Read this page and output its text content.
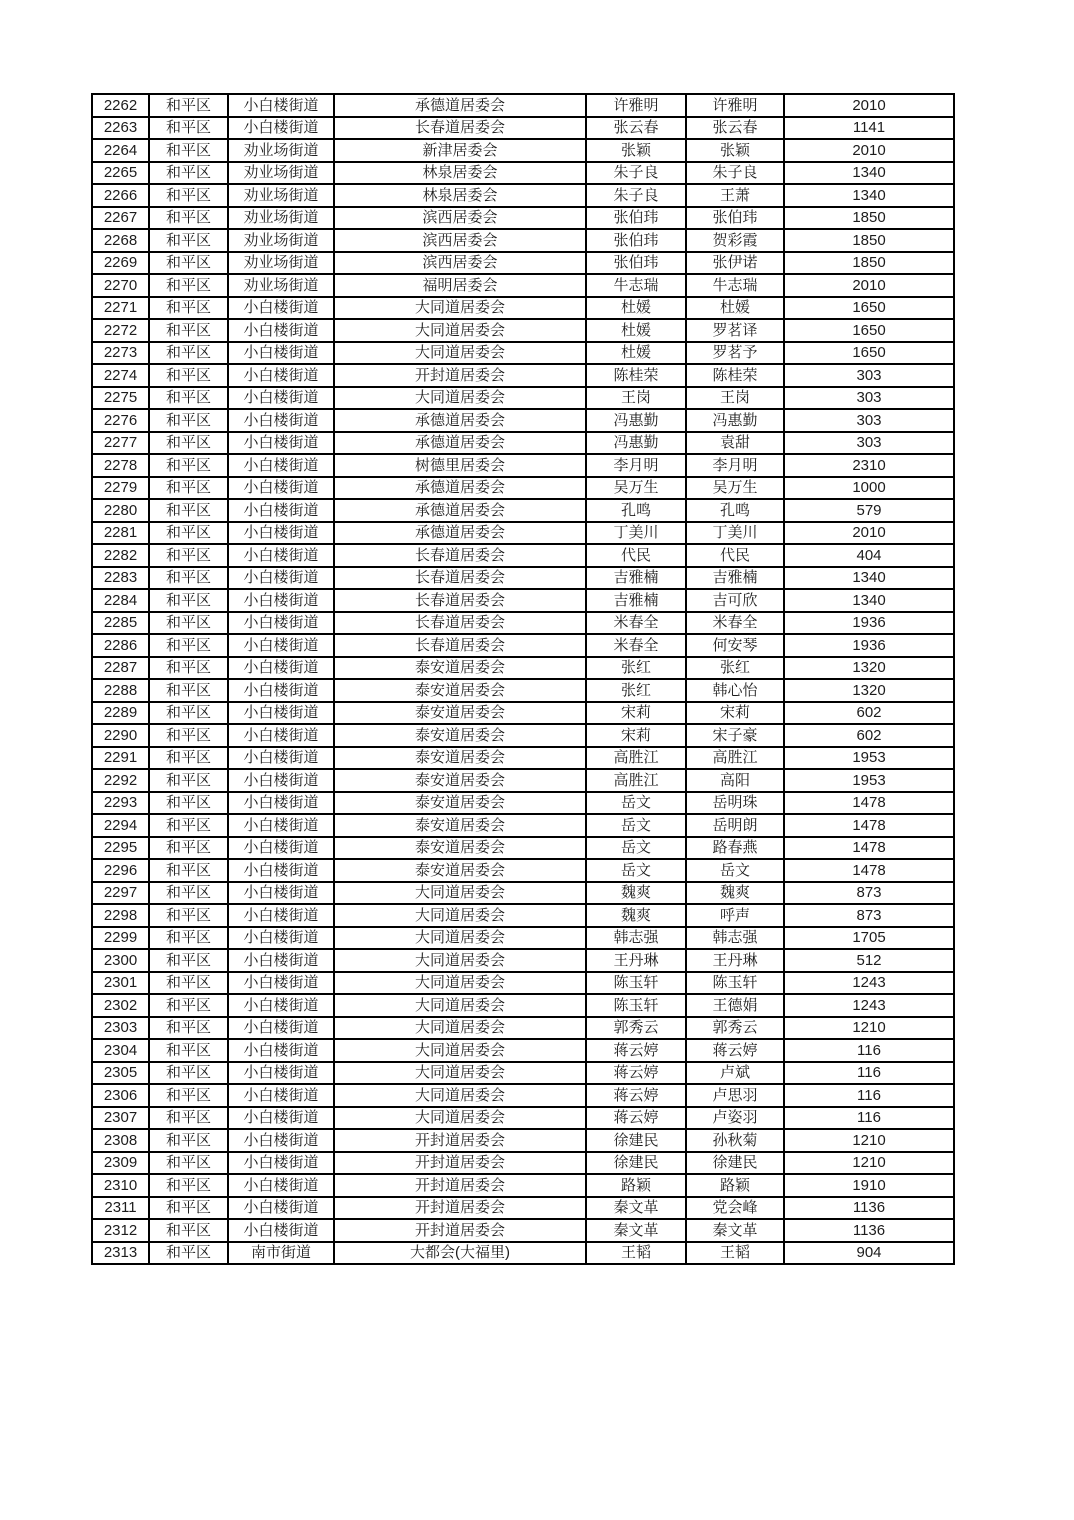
2262	和平区	小白楼街道	承德道居委会	许雅明	许雅明	2010
2263	和平区	小白楼街道	长春道居委会	张云春	张云春	1141
2264	和平区	劝业场街道	新津居委会	张颖	张颖	2010
2265	和平区	劝业场街道	林泉居委会	朱子良	朱子良	1340
2266	和平区	劝业场街道	林泉居委会	朱子良	王萧	1340
2267	和平区	劝业场街道	滨西居委会	张伯玮	张伯玮	1850
2268	和平区	劝业场街道	滨西居委会	张伯玮	贺彩霞	1850
2269	和平区	劝业场街道	滨西居委会	张伯玮	张伊诺	1850
2270	和平区	劝业场街道	福明居委会	牛志瑞	牛志瑞	2010
2271	和平区	小白楼街道	大同道居委会	杜媛	杜媛	1650
2272	和平区	小白楼街道	大同道居委会	杜媛	罗茗译	1650
2273	和平区	小白楼街道	大同道居委会	杜媛	罗茗予	1650
2274	和平区	小白楼街道	开封道居委会	陈桂荣	陈桂荣	303
2275	和平区	小白楼街道	大同道居委会	王岗	王岗	303
2276	和平区	小白楼街道	承德道居委会	冯惠勤	冯惠勤	303
2277	和平区	小白楼街道	承德道居委会	冯惠勤	袁甜	303
2278	和平区	小白楼街道	树德里居委会	李月明	李月明	2310
2279	和平区	小白楼街道	承德道居委会	吴万生	吴万生	1000
2280	和平区	小白楼街道	承德道居委会	孔鸣	孔鸣	579
2281	和平区	小白楼街道	承德道居委会	丁美川	丁美川	2010
2282	和平区	小白楼街道	长春道居委会	代民	代民	404
2283	和平区	小白楼街道	长春道居委会	吉雅楠	吉雅楠	1340
2284	和平区	小白楼街道	长春道居委会	吉雅楠	吉可欣	1340
2285	和平区	小白楼街道	长春道居委会	米春全	米春全	1936
2286	和平区	小白楼街道	长春道居委会	米春全	何安琴	1936
2287	和平区	小白楼街道	泰安道居委会	张红	张红	1320
2288	和平区	小白楼街道	泰安道居委会	张红	韩心怡	1320
2289	和平区	小白楼街道	泰安道居委会	宋莉	宋莉	602
2290	和平区	小白楼街道	泰安道居委会	宋莉	宋子豪	602
2291	和平区	小白楼街道	泰安道居委会	高胜江	高胜江	1953
2292	和平区	小白楼街道	泰安道居委会	高胜江	高阳	1953
2293	和平区	小白楼街道	泰安道居委会	岳文	岳明珠	1478
2294	和平区	小白楼街道	泰安道居委会	岳文	岳明朗	1478
2295	和平区	小白楼街道	泰安道居委会	岳文	路春燕	1478
2296	和平区	小白楼街道	泰安道居委会	岳文	岳文	1478
2297	和平区	小白楼街道	大同道居委会	魏爽	魏爽	873
2298	和平区	小白楼街道	大同道居委会	魏爽	呼声	873
2299	和平区	小白楼街道	大同道居委会	韩志强	韩志强	1705
2300	和平区	小白楼街道	大同道居委会	王丹琳	王丹琳	512
2301	和平区	小白楼街道	大同道居委会	陈玉轩	陈玉轩	1243
2302	和平区	小白楼街道	大同道居委会	陈玉轩	王德娟	1243
2303	和平区	小白楼街道	大同道居委会	郭秀云	郭秀云	1210
2304	和平区	小白楼街道	大同道居委会	蒋云婷	蒋云婷	116
2305	和平区	小白楼街道	大同道居委会	蒋云婷	卢斌	116
2306	和平区	小白楼街道	大同道居委会	蒋云婷	卢思羽	116
2307	和平区	小白楼街道	大同道居委会	蒋云婷	卢姿羽	116
2308	和平区	小白楼街道	开封道居委会	徐建民	孙秋菊	1210
2309	和平区	小白楼街道	开封道居委会	徐建民	徐建民	1210
2310	和平区	小白楼街道	开封道居委会	路颖	路颖	1910
2311	和平区	小白楼街道	开封道居委会	秦文革	党会峰	1136
2312	和平区	小白楼街道	开封道居委会	秦文革	秦文革	1136
2313	和平区	南市街道	大都会(大福里)	王韬	王韬	904
